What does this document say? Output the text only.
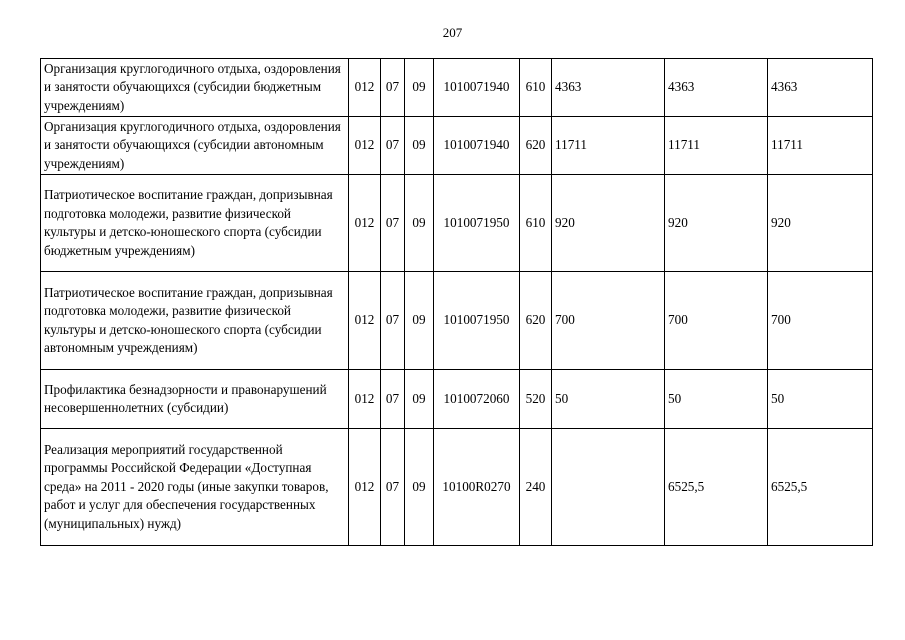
207
Организация круглогодичного отдыха, оздоровления и занятости обучающихся (субсидии бюджетным учреждениям)	012	07	09	1010071940	610	4363	4363	4363
Организация круглогодичного отдыха, оздоровления и занятости обучающихся (субсидии автономным учреждениям)	012	07	09	1010071940	620	11711	11711	11711
Патриотическое воспитание граждан, допризывная подготовка молодежи, развитие физической культуры и детско-юношеского спорта (субсидии бюджетным учреждениям)	012	07	09	1010071950	610	920	920	920
Патриотическое воспитание граждан, допризывная подготовка молодежи, развитие физической культуры и детско-юношеского спорта (субсидии автономным учреждениям)	012	07	09	1010071950	620	700	700	700
Профилактика безнадзорности и правонарушений несовершеннолетних (субсидии)	012	07	09	1010072060	520	50	50	50
Реализация мероприятий государственной программы Российской Федерации «Доступная среда» на 2011 - 2020 годы (иные закупки товаров, работ и услуг для обеспечения государственных (муниципальных) нужд)	012	07	09	10100R0270	240		6525,5	6525,5
